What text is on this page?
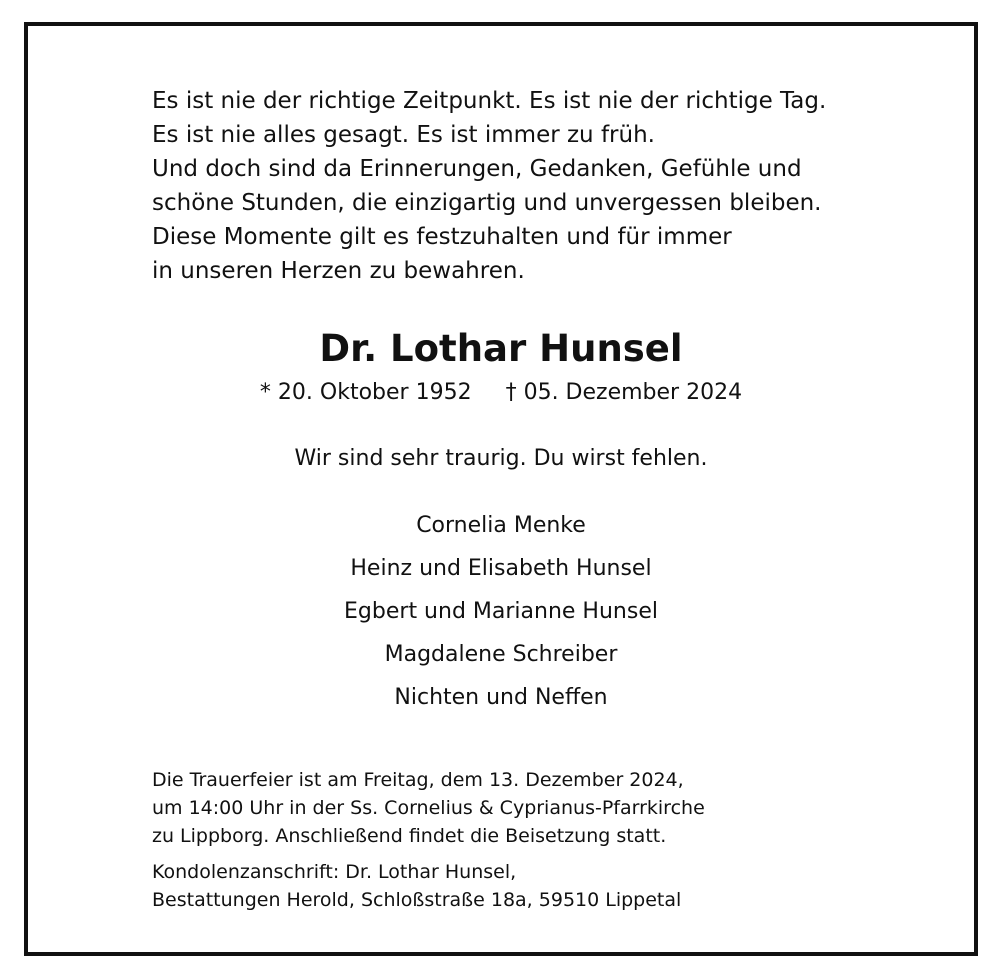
Es ist nie der richtige Zeitpunkt. Es ist nie der richtige Tag.
Es ist nie alles gesagt. Es ist immer zu früh.
Und doch sind da Erinnerungen, Gedanken, Gefühle und
schöne Stunden, die einzigartig und unvergessen bleiben.
Diese Momente gilt es festzuhalten und für immer
in unseren Herzen zu bewahren.
Dr. Lothar Hunsel
* 20. Oktober 1952 † 05. Dezember 2024
Wir sind sehr traurig. Du wirst fehlen.
Cornelia Menke
Heinz und Elisabeth Hunsel
Egbert und Marianne Hunsel
Magdalene Schreiber
Nichten und Neffen
Die Trauerfeier ist am Freitag, dem 13. Dezember 2024,
um 14:00 Uhr in der Ss. Cornelius & Cyprianus-Pfarrkirche
zu Lippborg. Anschließend findet die Beisetzung statt.
Kondolenzanschrift: Dr. Lothar Hunsel,
Bestattungen Herold, Schloßstraße 18a, 59510 Lippetal
